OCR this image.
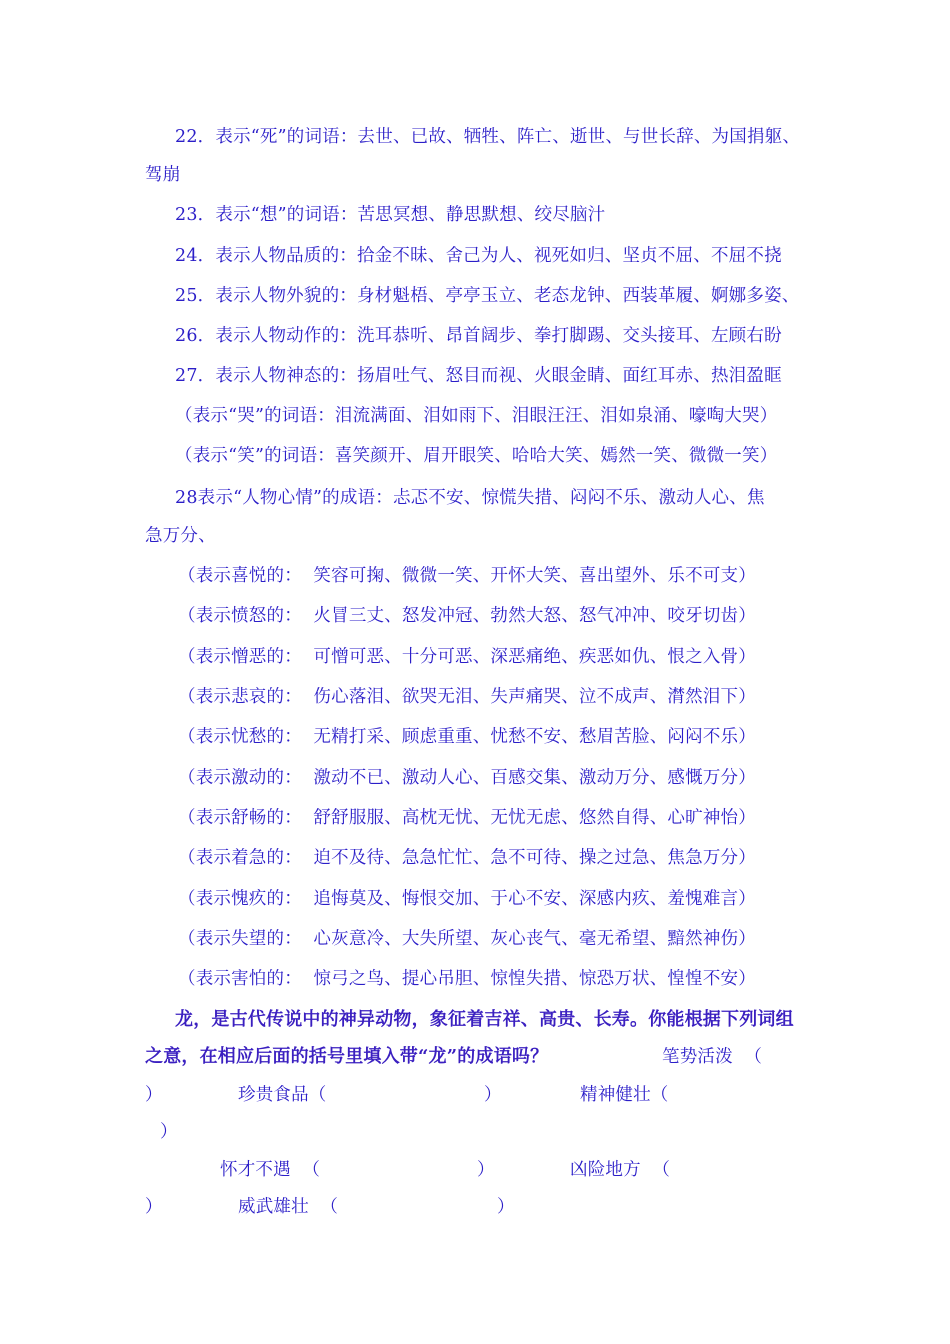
22．表示“死”的词语：去世、已故、牺牲、阵亡、逝世、与世长辞、为国捐躯、
驾崩
23．表示“想”的词语：苦思冥想、静思默想、绞尽脑汁
24．表示人物品质的：拾金不昧、舍己为人、视死如归、坚贞不屈、不屈不挠
25．表示人物外貌的：身材魁梧、亭亭玉立、老态龙钟、西装革履、婀娜多姿、
26．表示人物动作的：洗耳恭听、昂首阔步、拳打脚踢、交头接耳、左顾右盼
27．表示人物神态的：扬眉吐气、怒目而视、火眼金睛、面红耳赤、热泪盈眶
（表示“哭”的词语：泪流满面、泪如雨下、泪眼汪汪、泪如泉涌、嚎啕大哭）
（表示“笑”的词语：喜笑颜开、眉开眼笑、哈哈大笑、嫣然一笑、微微一笑）
28表示“人物心情”的成语：忐忑不安、惊慌失措、闷闷不乐、激动人心、焦
急万分、
（表示喜悦的：  笑容可掬、微微一笑、开怀大笑、喜出望外、乐不可支）
（表示愤怒的：  火冒三丈、怒发冲冠、勃然大怒、怒气冲冲、咬牙切齿）
（表示憎恶的：  可憎可恶、十分可恶、深恶痛绝、疾恶如仇、恨之入骨）
（表示悲哀的：  伤心落泪、欲哭无泪、失声痛哭、泣不成声、潸然泪下）
（表示忧愁的：  无精打采、顾虑重重、忧愁不安、愁眉苦脸、闷闷不乐）
（表示激动的：  激动不已、激动人心、百感交集、激动万分、感慨万分）
（表示舒畅的：  舒舒服服、高枕无忧、无忧无虑、悠然自得、心旷神怡）
（表示着急的：  迫不及待、急急忙忙、急不可待、操之过急、焦急万分）
（表示愧疚的：  追悔莫及、悔恨交加、于心不安、深感内疚、羞愧难言）
（表示失望的：  心灰意冷、大失所望、灰心丧气、毫无希望、黯然神伤）
（表示害怕的：  惊弓之鸟、提心吊胆、惊惶失措、惊恐万状、惶惶不安）
龙，是古代传说中的神异动物，象征着吉祥、高贵、长寿。你能根据下列词组
之意，在相应后面的括号里填入带“龙”的成语吗？	笔势活泼  （
）	珍贵食品（	）	精神健壮（
）
怀才不遇  （	）	凶险地方  （
）	威武雄壮  （	）
